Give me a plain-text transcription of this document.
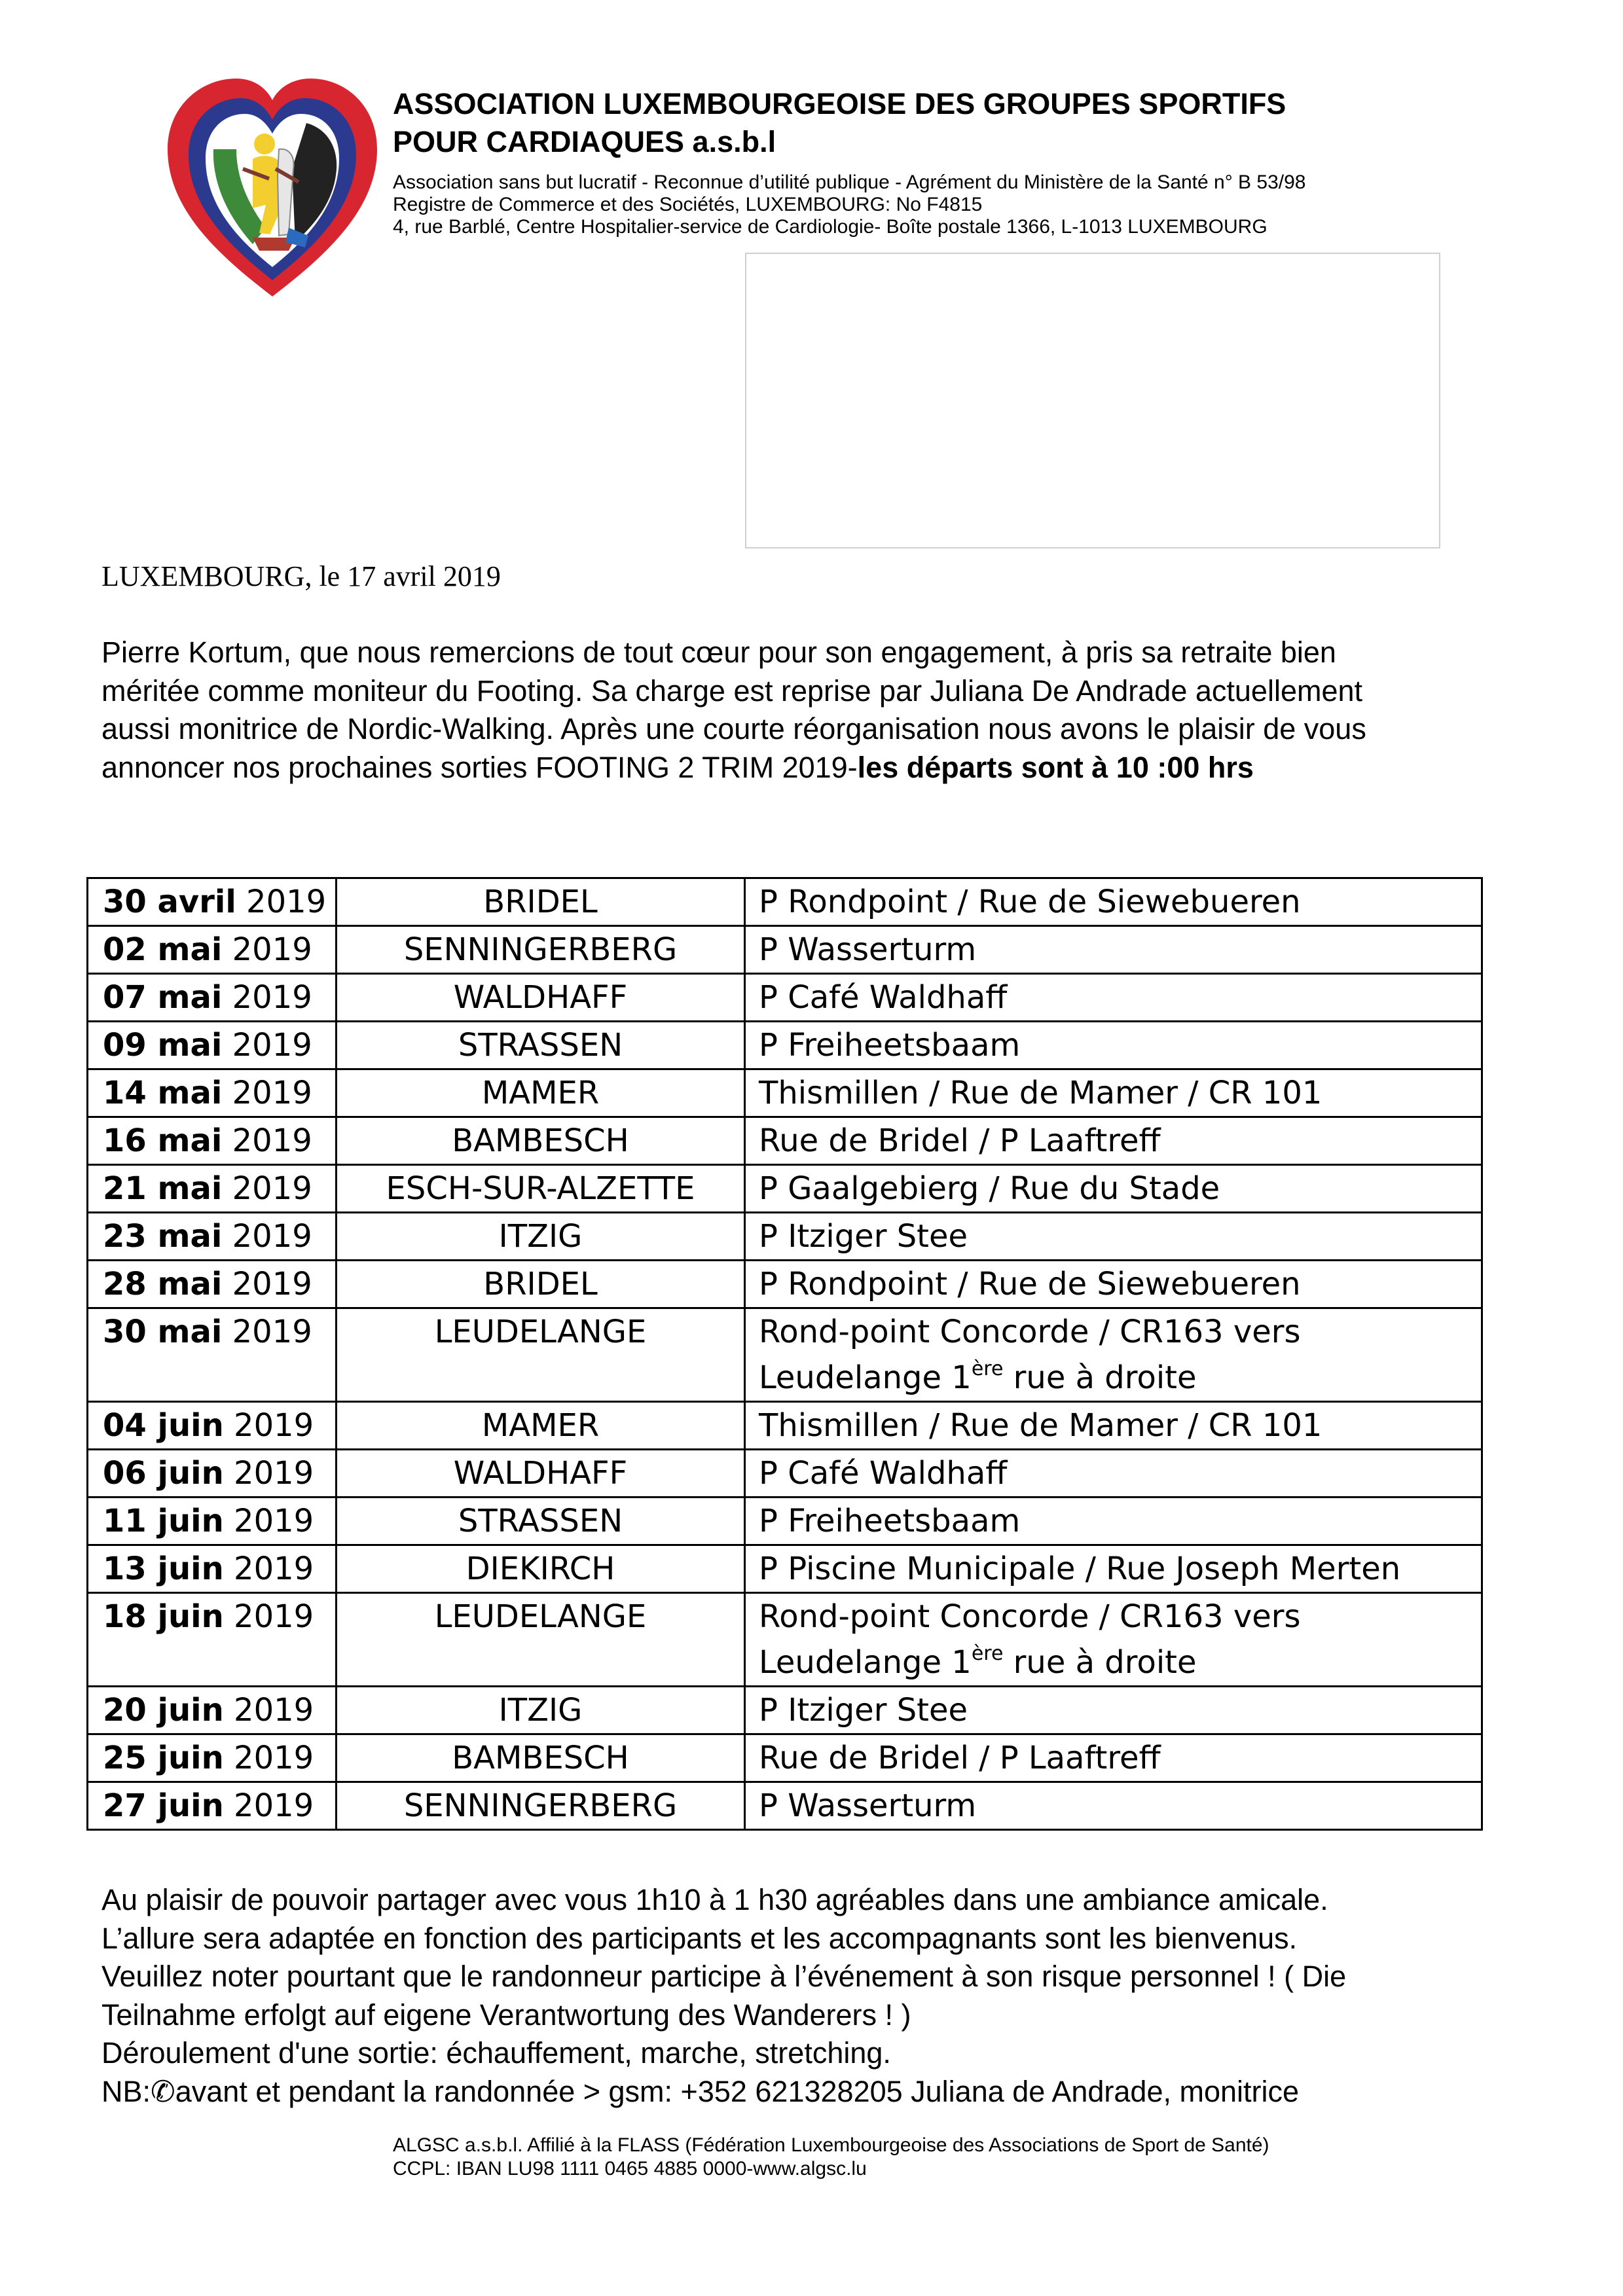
ASSOCIATION LUXEMBOURGEOISE DES GROUPES SPORTIFS
POUR CARDIAQUES a.s.b.l
Association sans but lucratif - Reconnue d’utilité publique - Agrément du Ministère de la Santé n° B 53/98
Registre de Commerce et des Sociétés, LUXEMBOURG: No F4815
4, rue Barblé, Centre Hospitalier-service de Cardiologie- Boîte postale 1366, L-1013 LUXEMBOURG
LUXEMBOURG, le 17 avril 2019
Pierre Kortum, que nous remercions de tout cœur pour son engagement, à pris sa retraite bien
méritée comme moniteur du Footing. Sa charge est reprise par Juliana De Andrade actuellement
aussi monitrice de Nordic-Walking. Après une courte réorganisation nous avons le plaisir de vous
annoncer nos prochaines sorties FOOTING 2 TRIM 2019-les départs sont à 10 :00 hrs
30 avril 2019	BRIDEL	P Rondpoint / Rue de Siewebueren

02 mai 2019	SENNINGERBERG	P Wasserturm

07 mai 2019	WALDHAFF	P Café Waldhaff

09 mai 2019	STRASSEN	P Freiheetsbaam

14 mai 2019	MAMER	Thismillen / Rue de Mamer / CR 101

16 mai 2019	BAMBESCH	Rue de Bridel / P Laaftreff

21 mai 2019	ESCH-SUR-ALZETTE	P Gaalgebierg / Rue du Stade

23 mai 2019	ITZIG	P Itziger Stee

28 mai 2019	BRIDEL	P Rondpoint / Rue de Siewebueren

30 mai 2019	LEUDELANGE	Rond-point Concorde / CR163 vers
Leudelange 1ère rue à droite

04 juin 2019	MAMER	Thismillen / Rue de Mamer / CR 101

06 juin 2019	WALDHAFF	P Café Waldhaff

11 juin 2019	STRASSEN	P Freiheetsbaam

13 juin 2019	DIEKIRCH	P Piscine Municipale / Rue Joseph Merten

18 juin 2019	LEUDELANGE	Rond-point Concorde / CR163 vers
Leudelange 1ère rue à droite

20 juin 2019	ITZIG	P Itziger Stee

25 juin 2019	BAMBESCH	Rue de Bridel / P Laaftreff

27 juin 2019	SENNINGERBERG	P Wasserturm
Au plaisir de pouvoir partager avec vous 1h10 à 1 h30 agréables dans une ambiance amicale.
L’allure sera adaptée en fonction des participants et les accompagnants sont les bienvenus.
Veuillez noter pourtant que le randonneur participe à l’événement à son risque personnel ! ( Die
Teilnahme erfolgt auf eigene Verantwortung des Wanderers ! )
Déroulement d'une sortie: échauffement, marche, stretching.
NB:✆avant et pendant la randonnée > gsm: +352 621328205 Juliana de Andrade, monitrice
ALGSC a.s.b.l. Affilié à la FLASS (Fédération Luxembourgeoise des Associations de Sport de Santé)
CCPL: IBAN LU98 1111 0465 4885 0000-www.algsc.lu
